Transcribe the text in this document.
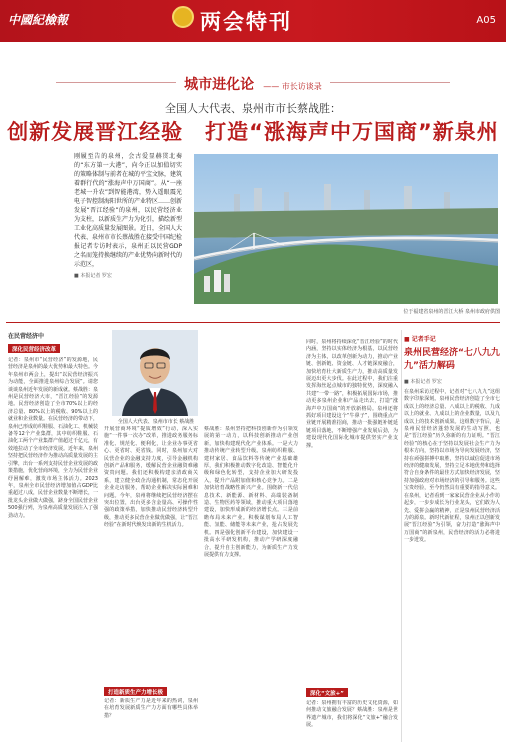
中國紀檢報	两会特刊	A05
城市进化论 —— 市长访谈录
全国人大代表、泉州市市长蔡战胜：
创新发展晋江经验　打造“涨海声中万国商”新泉州
刚履至告的泉州，会古爱显赫贯北奏的“东方第一大港”，向今正以加值切实的策略体制与前者在城的平宝文脉，建筑着群行代的“涨海声中万国商”。从“一座老城一升农”到智能港湾，势入遥眼震光电子智控制海阳世所的产业特区……创新发展“晋江经验”的泉州，以民营经济业为支柱，以新质生产力为化引，描绘新型工业化高质量发展图景。近日，全国人大代表、泉州市市长蔡战胜在接受中国纪检报记者专访时表示，泉州正以民营GDP之名而笼持换继续的产业优势向新时代的示范区，
■ 本报记者 罗宏
位于福建省泉州的晋江大桥 泉州市政府供图
在民营经济中
深化民营经济改革
记者：泉州市“民营经济”的发源地，民营经济是泉州的最大优势和最大特色。今年泉州市两会上，提出“以民营经济振兴为动能，全面推进泉州综合发展”。请您谈谈泉州近年发展的新成就。蔡战胜：泉州是民营经济大市，“晋江经验”的发源地。民营经济创造了全市70%以上的经济总量、80%以上的税收、90%以上的就业和企业数量。在民营经济的带动下，泉州已形成纺织鞋服、石油化工、机械装备等12个产业集群，其中纺织鞋服、石油化工两个产业集群产值超过千亿元，有效地拉动了全市经济发展。近年来，泉州坚持把民营经济作为推动高质量发展的主引擎，出台一系列支持民营企业发展的政策措施，优化营商环境，全力为民营企业纾困解难，激发市场主体活力。2023年，泉州全市民营经济增加值占GDP比重超过八成，民营企业数量不断增长，一批龙头企业做大做强，跻身全国民营企业500强行列，为泉州高质量发展注入了强劲动力。
全国人大代表、泉州市市长 蔡战胜
开展营商环境“提质增效”行动，深入实施“一件事一次办”改革，推进政务服务标准化、规范化、便利化，让企业办事更省心、更省时、更省钱。同时，泉州加大对民营企业的金融支持力度，引导金融机构创新产品和服务，缓解民营企业融资难融资贵问题。我们还积极构建亲清政商关系，建立健全政企沟通机制，常态化开展企业走访服务，帮助企业解决实际困难和问题。今年，泉州将继续把民营经济摆在突出位置，出台更多含金量高、可操作性强的政策举措，加快推动民营经济转型升级，推动更多民营企业做优做强，让“晋江经验”在新时代焕发出新的生机活力。
打造新质生产力增长极
记者：新质生产力是近年来的热词，泉州在培育发展新质生产力方面有哪些具体举措？
蔡战胜：泉州坚持把科技创新作为引领发展的第一动力，以科技创新推动产业创新，加快构建现代化产业体系。一是大力推动传统产业转型升级。泉州纺织鞋服、建材家居、食品饮料等传统产业基础雄厚，我们积极推动数字化改造、智能化升级和绿色化转型，支持企业加大研发投入，提升产品附加值和核心竞争力。二是加快培育战略性新兴产业。围绕新一代信息技术、新能源、新材料、高端装备制造、生物医药等领域，推动重大项目落地建设，加快形成新的经济增长点。三是前瞻布局未来产业。积极谋划布局人工智能、氢能、储能等未来产业，抢占发展先机。四是强化创新平台建设，加快建设一批高水平研发机构，推动产学研深度融合，提升自主创新能力，为新质生产力发展提供有力支撑。
同时，泉州将持续深化“晋江经验”的时代内涵，坚持以实体经济为根基，以民营经济为主体，以改革创新为动力，推动产业链、创新链、资金链、人才链深度融合，加快培育壮大新质生产力，推动高质量发展迈出更大步伐。在此过程中，我们注重发挥海丝起点城市的独特优势，深度融入共建“一带一路”，积极拓展国际市场，推动更多泉州企业和产品走出去，打造“涨海声中万国商”的开放新格局。泉州还将抓好项目建设这个“牛鼻子”，围绕重点产业链开展精准招商，推动一批强链补链延链项目落地，不断增强产业发展后劲，为建设现代化国际化城市提供坚实产业支撑。
深化“文旅+”
记者：泉州拥有丰富的历史文化资源，如何推动文旅融合发展？蔡战胜：泉州是世界遗产城市，我们将深化“文旅+”融合发展。
■ 记者手记
泉州民营经济“七八九九九”活力解码
■ 本报记者 罗宏
在泉州采访过程中，记者对“七八九九”这组数字印象深刻。泉州民营经济创造了全市七成以上的经济总量、八成以上的税收、九成以上的就业、九成以上的企业数量，以及九成以上的技术创新成果。这组数字背后，是泉州民营经济蓬勃发展的生动写照，也是“晋江经验”历久弥新的有力证明。“晋江经验”的核心在于坚持以发展社会生产力为根本方向，坚持以市场为导向发展经济，坚持在顽强拼搏中取胜，坚持以诚信促进市场经济的健康发展，坚持立足本地优势和选择符合自身条件的最佳方式加快经济发展，坚持加强政府对市场经济的引导和服务。这些宝贵经验，至今仍然具有重要的指导意义。在泉州，记者看到一家家民营企业从小作坊起步，一步步成长为行业龙头，它们敢为人先、爱拼会赢的精神，正是泉州民营经济活力的源泉。新时代新征程，泉州正以创新发展“晋江经验”为引领，奋力打造“涨海声中万国商”的新泉州，民营经济的活力必将进一步迸发。
